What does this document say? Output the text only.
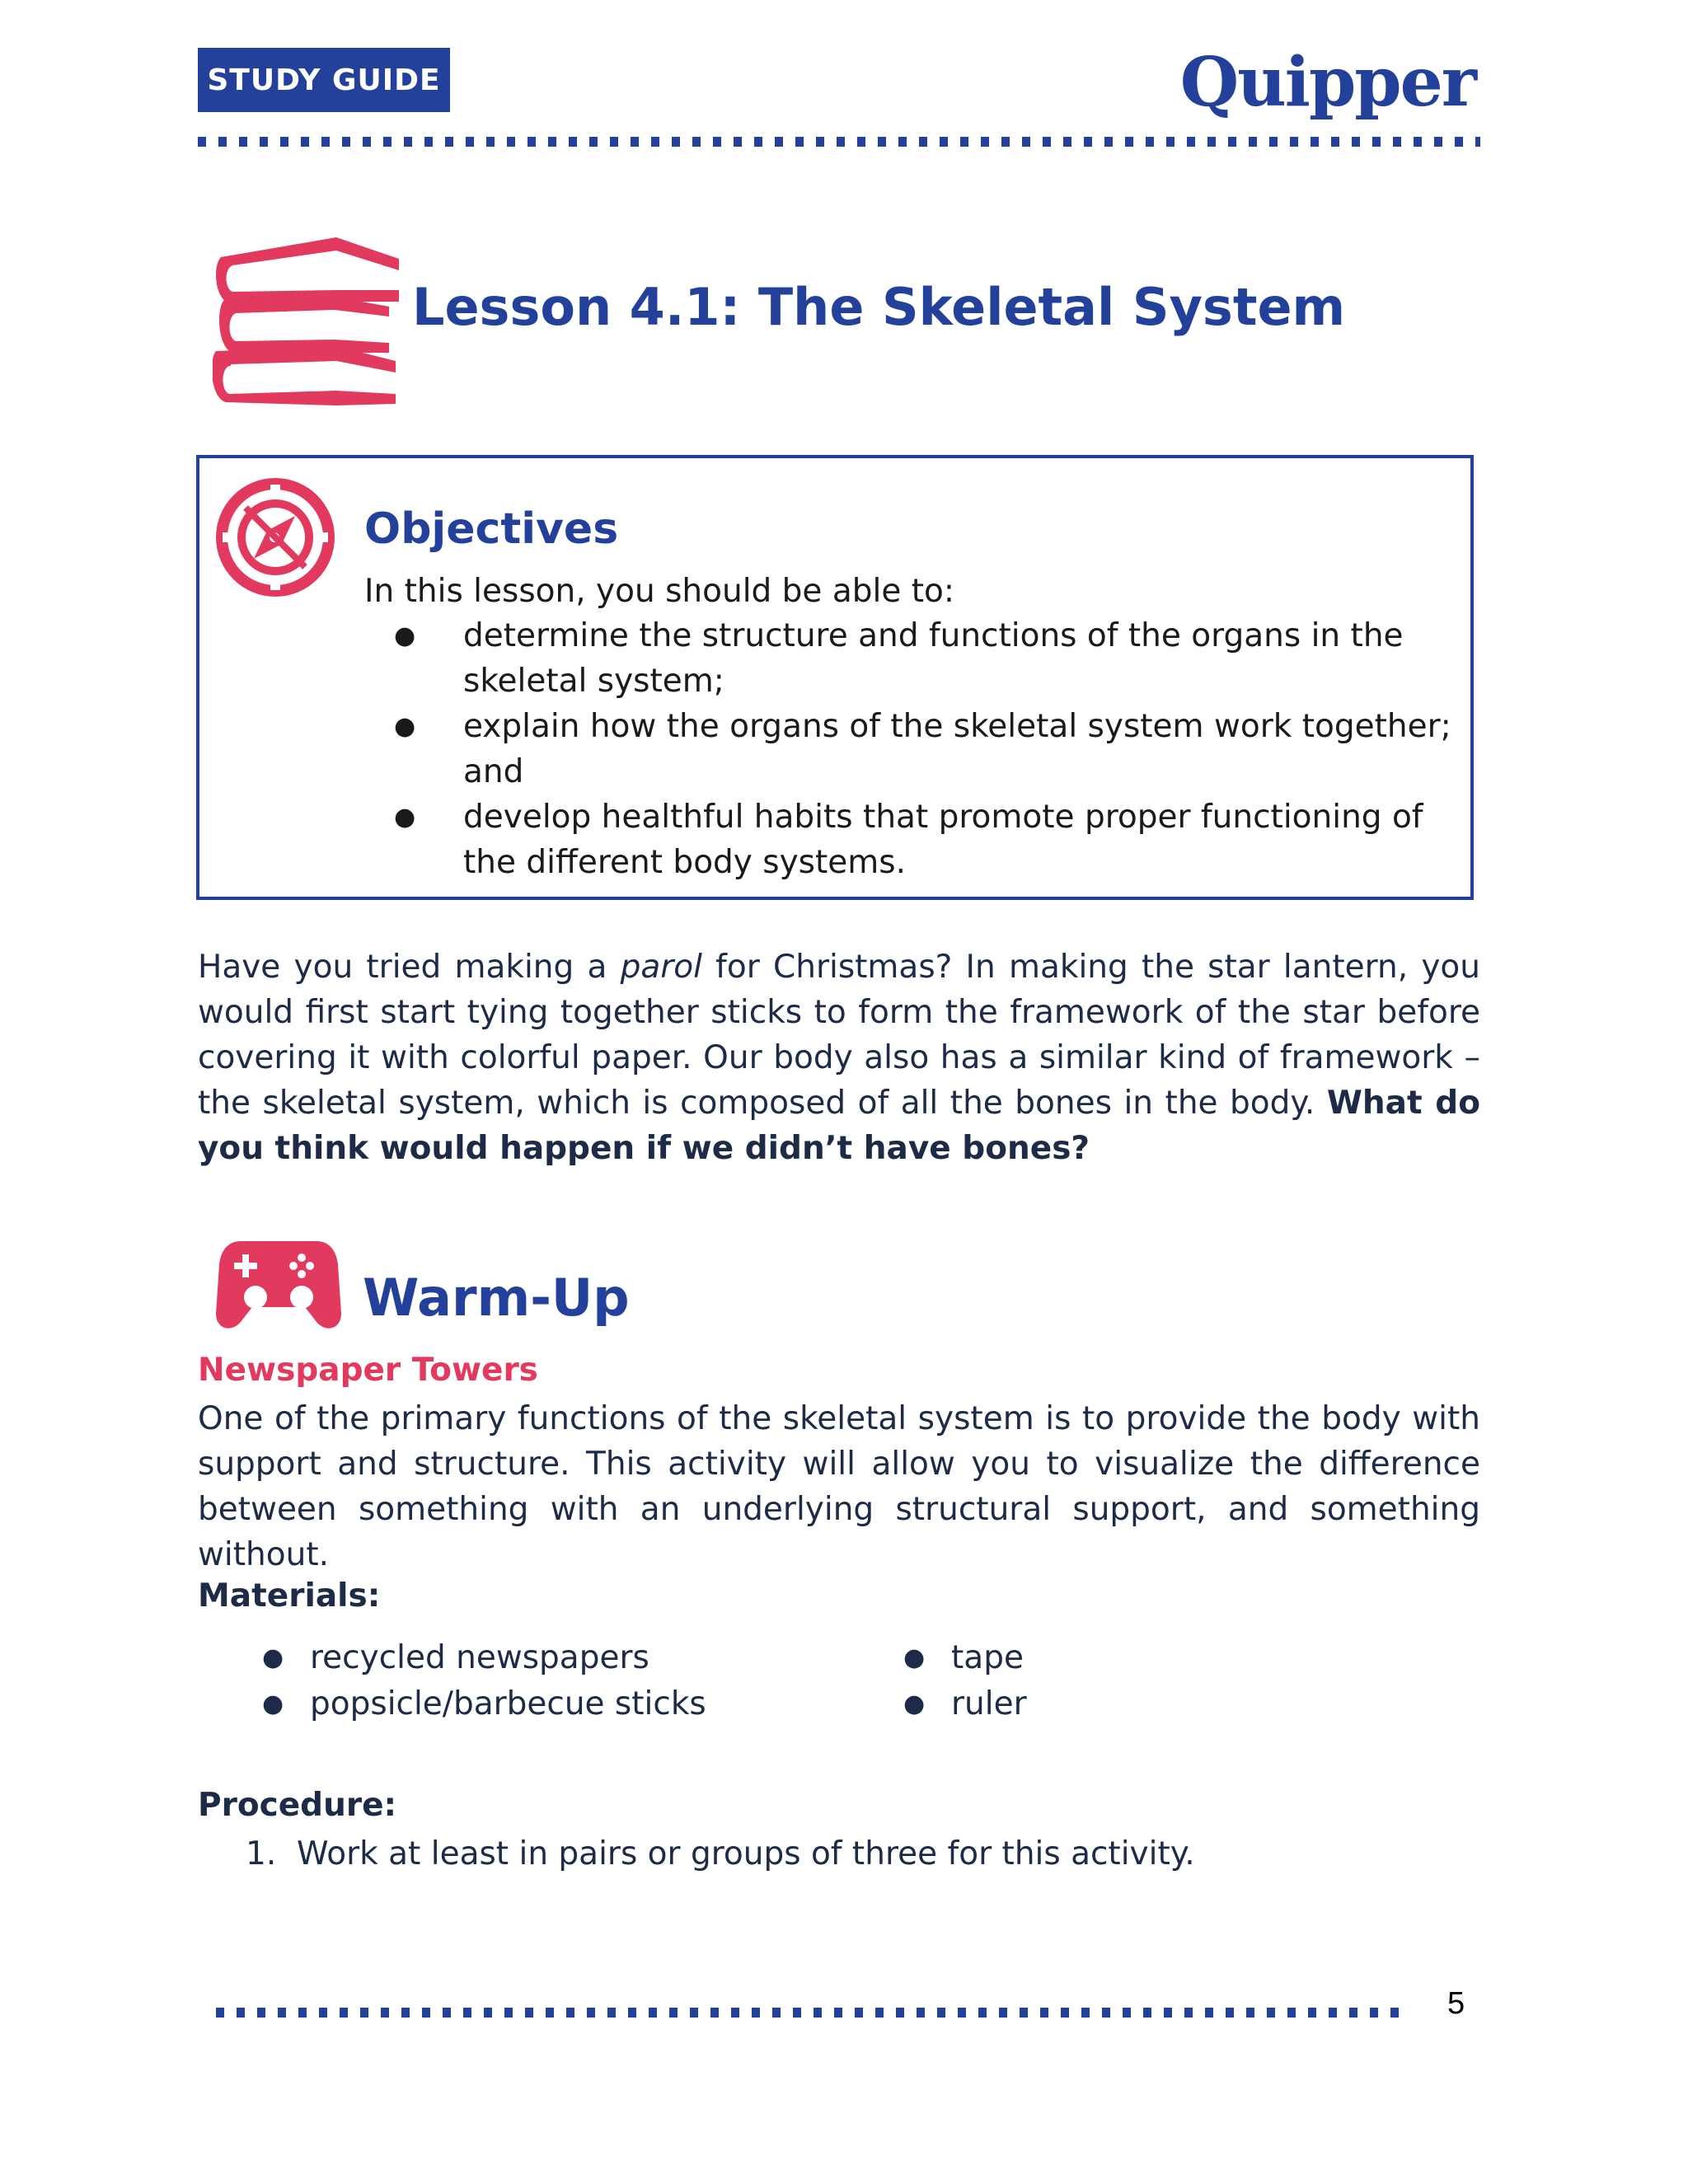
STUDY GUIDE	Quipper
Lesson 4.1: The Skeletal System
Objectives
In this lesson, you should be able to:
● determine the structure and functions of the organs in the skeletal system;
● explain how the organs of the skeletal system work together; and
● develop healthful habits that promote proper functioning of the different body systems.

Have you tried making a parol for Christmas? In making the star lantern, you would first start tying together sticks to form the framework of the star before covering it with colorful paper. Our body also has a similar kind of framework – the skeletal system, which is composed of all the bones in the body. What do you think would happen if we didn’t have bones?

Warm-Up
Newspaper Towers

One of the primary functions of the skeletal system is to provide the body with support and structure. This activity will allow you to visualize the difference between something with an underlying structural support, and something without.

Materials:
● recycled newspapers
● popsicle/barbecue sticks
● tape
● ruler
Procedure:
1. Work at least in pairs or groups of three for this activity.
5
